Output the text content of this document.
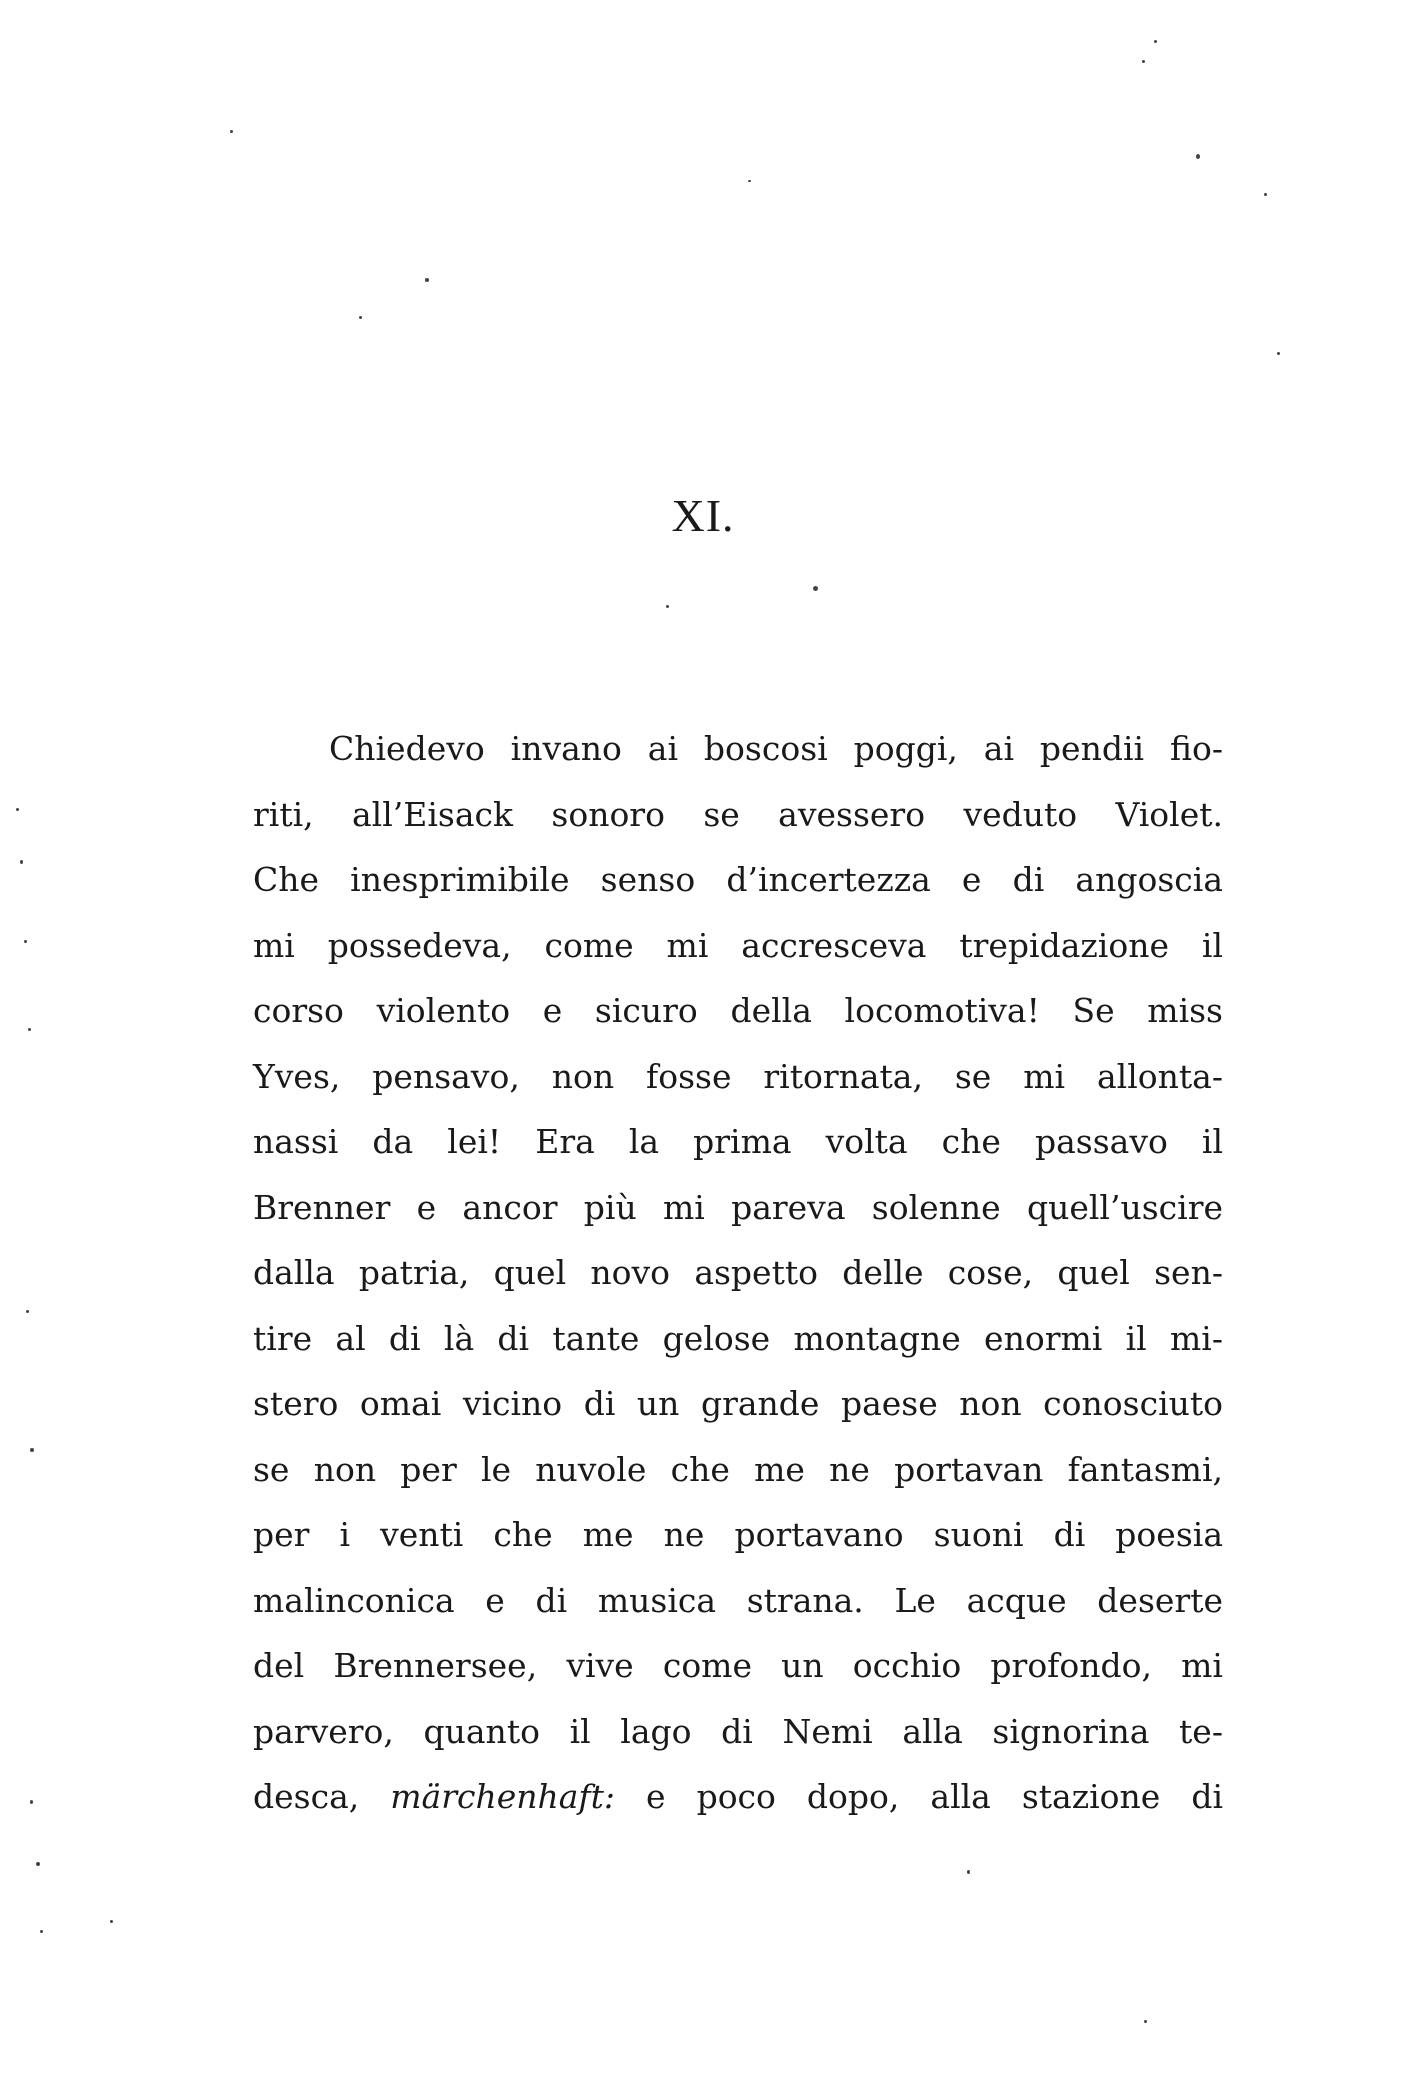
XI.
Chiedevo invano ai boscosi poggi, ai pendii fio-
riti, all’Eisack sonoro se avessero veduto Violet.
Che inesprimibile senso d’incertezza e di angoscia
mi possedeva, come mi accresceva trepidazione il
corso violento e sicuro della locomotiva! Se miss
Yves, pensavo, non fosse ritornata, se mi allonta-
nassi da lei! Era la prima volta che passavo il
Brenner e ancor più mi pareva solenne quell’uscire
dalla patria, quel novo aspetto delle cose, quel sen-
tire al di là di tante gelose montagne enormi il mi-
stero omai vicino di un grande paese non conosciuto
se non per le nuvole che me ne portavan fantasmi,
per i venti che me ne portavano suoni di poesia
malinconica e di musica strana. Le acque deserte
del Brennersee, vive come un occhio profondo, mi
parvero, quanto il lago di Nemi alla signorina te-
desca, märchenhaft: e poco dopo, alla stazione di
